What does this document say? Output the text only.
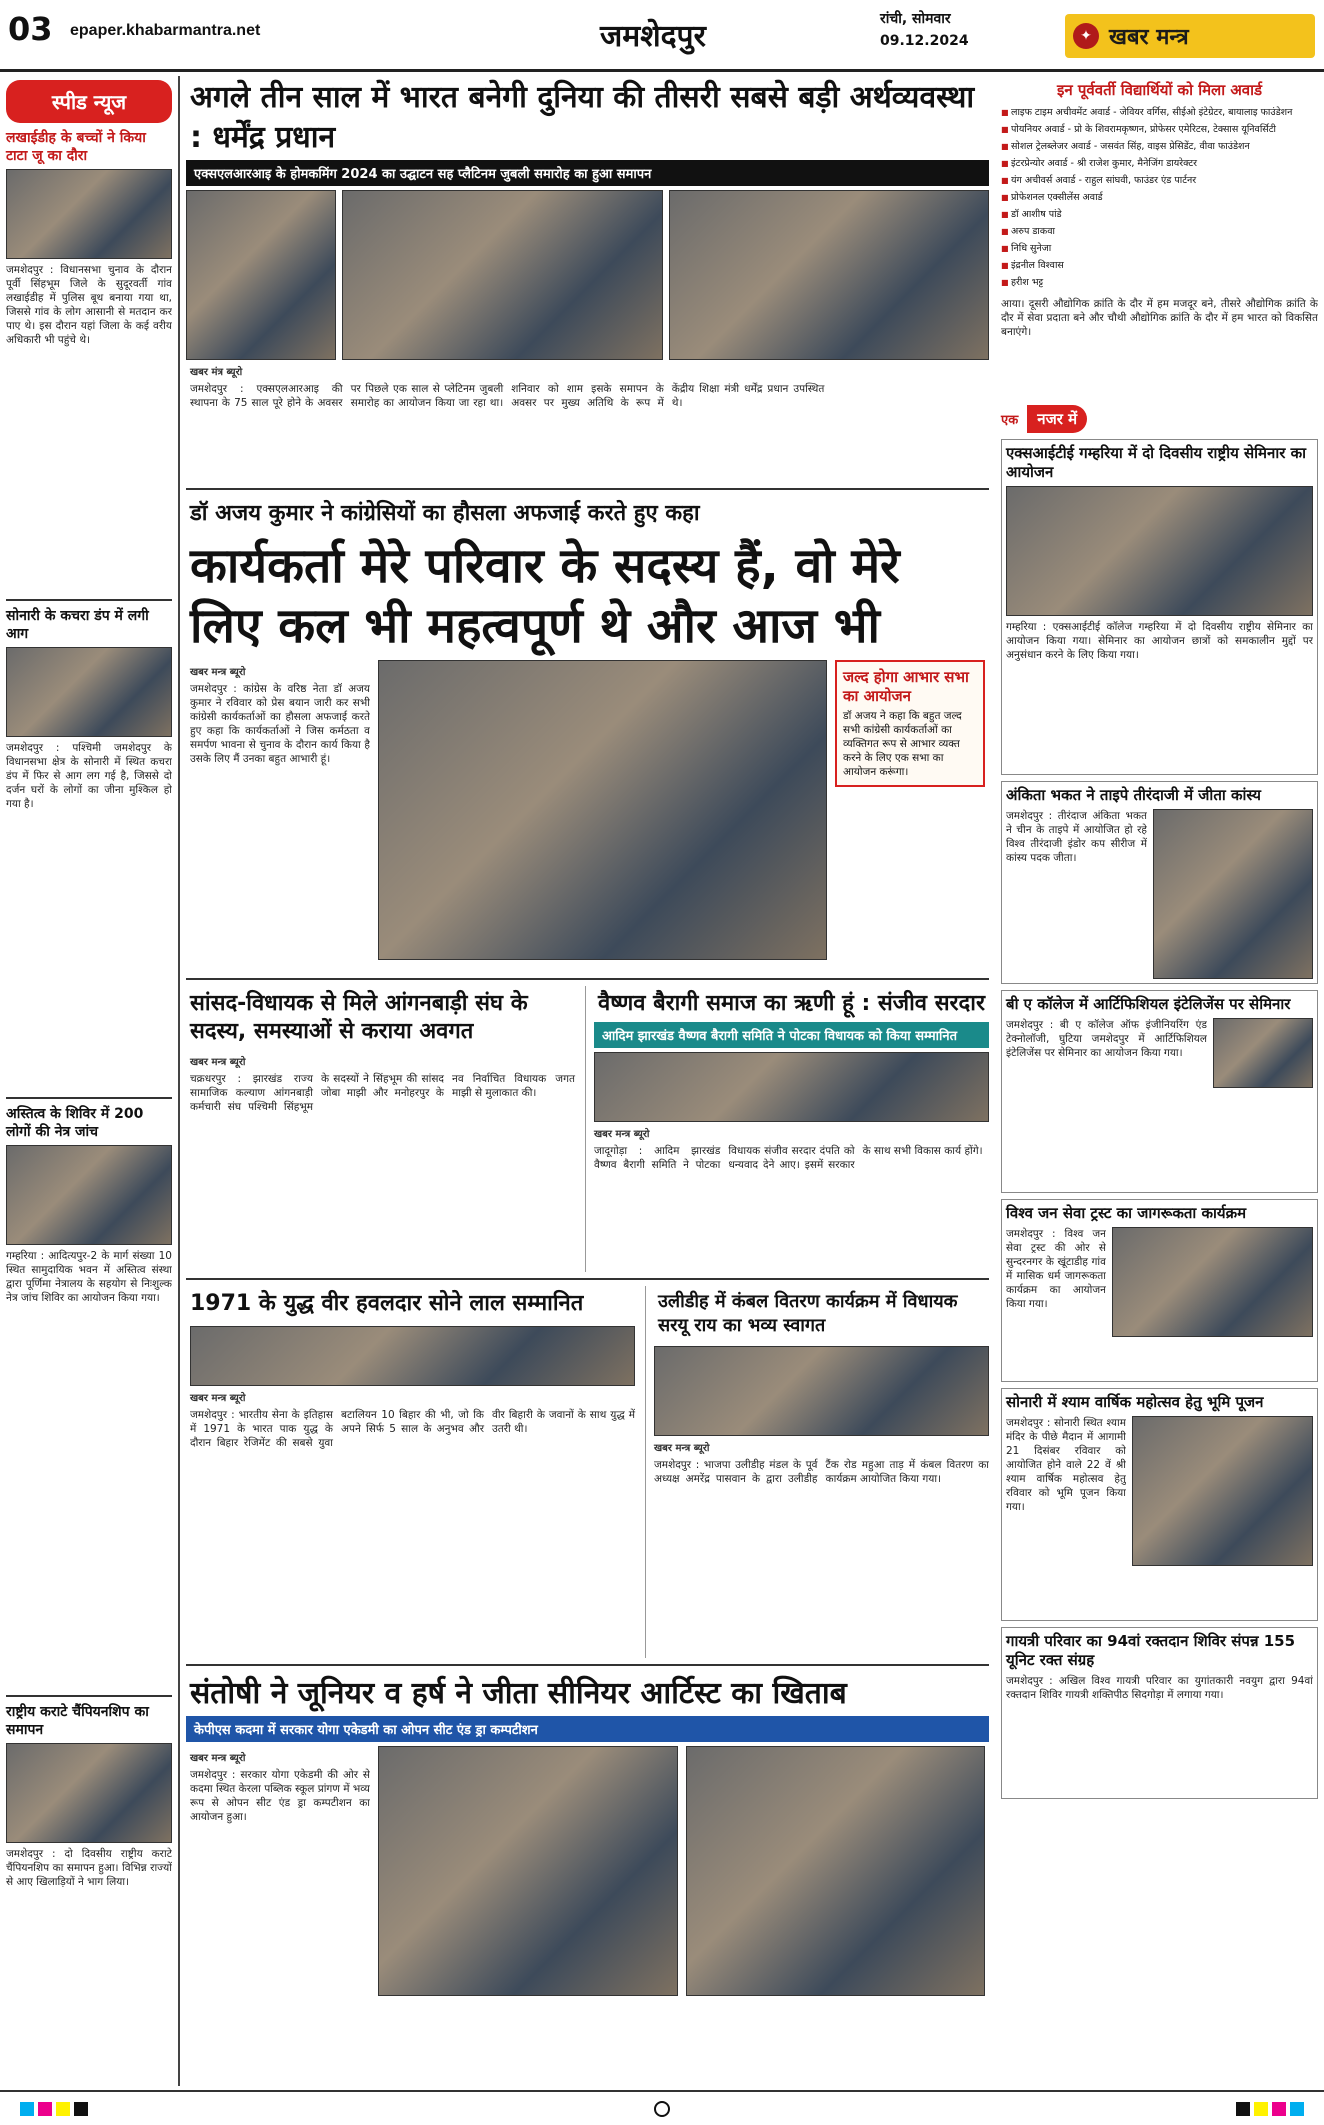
03 epaper.khabarmantra.net	जमशेदपुर	रांची, सोमवार
09.12.2024	✦ खबर मन्त्र
स्पीड न्यूज
लखाईडीह के बच्चों ने किया टाटा जू का दौरा
जमशेदपुर : विधानसभा चुनाव के दौरान पूर्वी सिंहभूम जिले के सुदूरवर्ती गांव लखाईडीह में पुलिस बूथ बनाया गया था, जिससे गांव के लोग आसानी से मतदान कर पाए थे। इस दौरान यहां जिला के कई वरीय अधिकारी भी पहुंचे थे।
सोनारी के कचरा डंप में लगी आग
जमशेदपुर : पश्चिमी जमशेदपुर के विधानसभा क्षेत्र के सोनारी में स्थित कचरा डंप में फिर से आग लग गई है, जिससे दो दर्जन घरों के लोगों का जीना मुश्किल हो गया है।
अस्तित्व के शिविर में 200 लोगों की नेत्र जांच
गम्हरिया : आदित्यपुर-2 के मार्ग संख्या 10 स्थित सामुदायिक भवन में अस्तित्व संस्था द्वारा पूर्णिमा नेत्रालय के सहयोग से निःशुल्क नेत्र जांच शिविर का आयोजन किया गया।
राष्ट्रीय कराटे चैंपियनशिप का समापन
जमशेदपुर : दो दिवसीय राष्ट्रीय कराटे चैंपियनशिप का समापन हुआ। विभिन्न राज्यों से आए खिलाड़ियों ने भाग लिया।
अगले तीन साल में भारत बनेगी दुनिया की तीसरी सबसे बड़ी अर्थव्यवस्था : धर्मेंद्र प्रधान
एक्सएलआरआइ के होमकमिंग 2024 का उद्घाटन सह प्लैटिनम जुबली समारोह का हुआ समापन
खबर मंत्र ब्यूरो
जमशेदपुर : एक्सएलआरआइ की स्थापना के 75 साल पूरे होने के अवसर पर पिछले एक साल से प्लेटिनम जुबली समारोह का आयोजन किया जा रहा था। शनिवार को शाम इसके समापन के अवसर पर मुख्य अतिथि के रूप में केंद्रीय शिक्षा मंत्री धर्मेंद्र प्रधान उपस्थित थे।
डॉ अजय कुमार ने कांग्रेसियों का हौसला अफजाई करते हुए कहा
कार्यकर्ता मेरे परिवार के सदस्य हैं, वो मेरे लिए कल भी महत्वपूर्ण थे और आज भी
खबर मन्त्र ब्यूरो
जमशेदपुर : कांग्रेस के वरिष्ठ नेता डॉ अजय कुमार ने रविवार को प्रेस बयान जारी कर सभी कांग्रेसी कार्यकर्ताओं का हौसला अफजाई करते हुए कहा कि कार्यकर्ताओं ने जिस कर्मठता व समर्पण भावना से चुनाव के दौरान कार्य किया है उसके लिए मैं उनका बहुत आभारी हूं।
जल्द होगा आभार सभा का आयोजन
डॉ अजय ने कहा कि बहुत जल्द सभी कांग्रेसी कार्यकर्ताओं का व्यक्तिगत रूप से आभार व्यक्त करने के लिए एक सभा का आयोजन करूंगा।
सांसद-विधायक से मिले आंगनबाड़ी संघ के सदस्य, समस्याओं से कराया अवगत
खबर मन्त्र ब्यूरो
चक्रधरपुर : झारखंड राज्य सामाजिक कल्याण आंगनबाड़ी कर्मचारी संघ पश्चिमी सिंहभूम के सदस्यों ने सिंहभूम की सांसद जोबा माझी और मनोहरपुर के नव निर्वाचित विधायक जगत माझी से मुलाकात की।
वैष्णव बैरागी समाज का ऋणी हूं : संजीव सरदार
आदिम झारखंड वैष्णव बैरागी समिति ने पोटका विधायक को किया सम्मानित
खबर मन्त्र ब्यूरो
जादूगोड़ा : आदिम झारखंड वैष्णव बैरागी समिति ने पोटका विधायक संजीव सरदार दंपति को धन्यवाद देने आए। इसमें सरकार के साथ सभी विकास कार्य होंगे।
1971 के युद्ध वीर हवलदार सोने लाल सम्मानित
खबर मन्त्र ब्यूरो
जमशेदपुर : भारतीय सेना के इतिहास में 1971 के भारत पाक युद्ध के दौरान बिहार रेजिमेंट की सबसे युवा बटालियन 10 बिहार की भी, जो कि अपने सिर्फ 5 साल के अनुभव और वीर बिहारी के जवानों के साथ युद्ध में उतरी थी।
उलीडीह में कंबल वितरण कार्यक्रम में विधायक सरयू राय का भव्य स्वागत
खबर मन्त्र ब्यूरो
जमशेदपुर : भाजपा उलीडीह मंडल के पूर्व अध्यक्ष अमरेंद्र पासवान के द्वारा उलीडीह टैंक रोड महुआ ताड़ में कंबल वितरण का कार्यक्रम आयोजित किया गया।
संतोषी ने जूनियर व हर्ष ने जीता सीनियर आर्टिस्ट का खिताब
केपीएस कदमा में सरकार योगा एकेडमी का ओपन सीट एंड ड्रा कम्पटीशन
खबर मन्त्र ब्यूरो
जमशेदपुर : सरकार योगा एकेडमी की ओर से कदमा स्थित केरला पब्लिक स्कूल प्रांगण में भव्य रूप से ओपन सीट एंड ड्रा कम्पटीशन का आयोजन हुआ।
इन पूर्ववर्ती विद्यार्थियों को मिला अवार्ड
■ लाइफ टाइम अचीवमेंट अवार्ड - जेवियर वर्गिस, सीईओ इंटेग्रेटर, बायालाइ फाउंडेशन
■ पोयनियर अवार्ड - प्रो के शिवरामकृष्णन, प्रोफेसर एमेरिटस, टेक्सास यूनिवर्सिटी
■ सोशल ट्रेलब्लेजर अवार्ड - जसवंत सिंह, वाइस प्रेसिडेंट, वीवा फाउंडेशन
■ इंटरप्रेन्योर अवार्ड - श्री राजेश कुमार, मैनेजिंग डायरेक्टर
■ यंग अचीवर्स अवार्ड - राहुल सांघवी, फाउंडर एंड पार्टनर
■ प्रोफेशनल एक्सीलेंस अवार्ड
■ डॉ आशीष पांडे
■ अरुप डाकवा
■ निधि सुनेजा
■ इंद्रनील विश्वास
■ हरीश भट्ट
आया। दूसरी औद्योगिक क्रांति के दौर में हम मजदूर बने, तीसरे औद्योगिक क्रांति के दौर में सेवा प्रदाता बने और चौथी औद्योगिक क्रांति के दौर में हम भारत को विकसित बनाएंगे।
एक नजर में
एक्सआईटीई गम्हरिया में दो दिवसीय राष्ट्रीय सेमिनार का आयोजन
गम्हरिया : एक्सआईटीई कॉलेज गम्हरिया में दो दिवसीय राष्ट्रीय सेमिनार का आयोजन किया गया। सेमिनार का आयोजन छात्रों को समकालीन मुद्दों पर अनुसंधान करने के लिए किया गया।
अंकिता भकत ने ताइपे तीरंदाजी में जीता कांस्य
जमशेदपुर : तीरंदाज अंकिता भकत ने चीन के ताइपे में आयोजित हो रहे विश्व तीरंदाजी इंडोर कप सीरीज में कांस्य पदक जीता।
बी ए कॉलेज में आर्टिफिशियल इंटेलिजेंस पर सेमिनार
जमशेदपुर : बी ए कॉलेज ऑफ इंजीनियरिंग एंड टेक्नोलॉजी, घुटिया जमशेदपुर में आर्टिफिशियल इंटेलिजेंस पर सेमिनार का आयोजन किया गया।
विश्व जन सेवा ट्रस्ट का जागरूकता कार्यक्रम
जमशेदपुर : विश्व जन सेवा ट्रस्ट की ओर से सुन्दरनगर के खूंटाडीह गांव में मासिक धर्म जागरूकता कार्यक्रम का आयोजन किया गया।
सोनारी में श्याम वार्षिक महोत्सव हेतु भूमि पूजन
जमशेदपुर : सोनारी स्थित श्याम मंदिर के पीछे मैदान में आगामी 21 दिसंबर रविवार को आयोजित होने वाले 22 वें श्री श्याम वार्षिक महोत्सव हेतु रविवार को भूमि पूजन किया गया।
गायत्री परिवार का 94वां रक्तदान शिविर संपन्न 155 यूनिट रक्त संग्रह
जमशेदपुर : अखिल विश्व गायत्री परिवार का युगांतकारी नवयुग द्वारा 94वां रक्तदान शिविर गायत्री शक्तिपीठ सिदगोड़ा में लगाया गया।
